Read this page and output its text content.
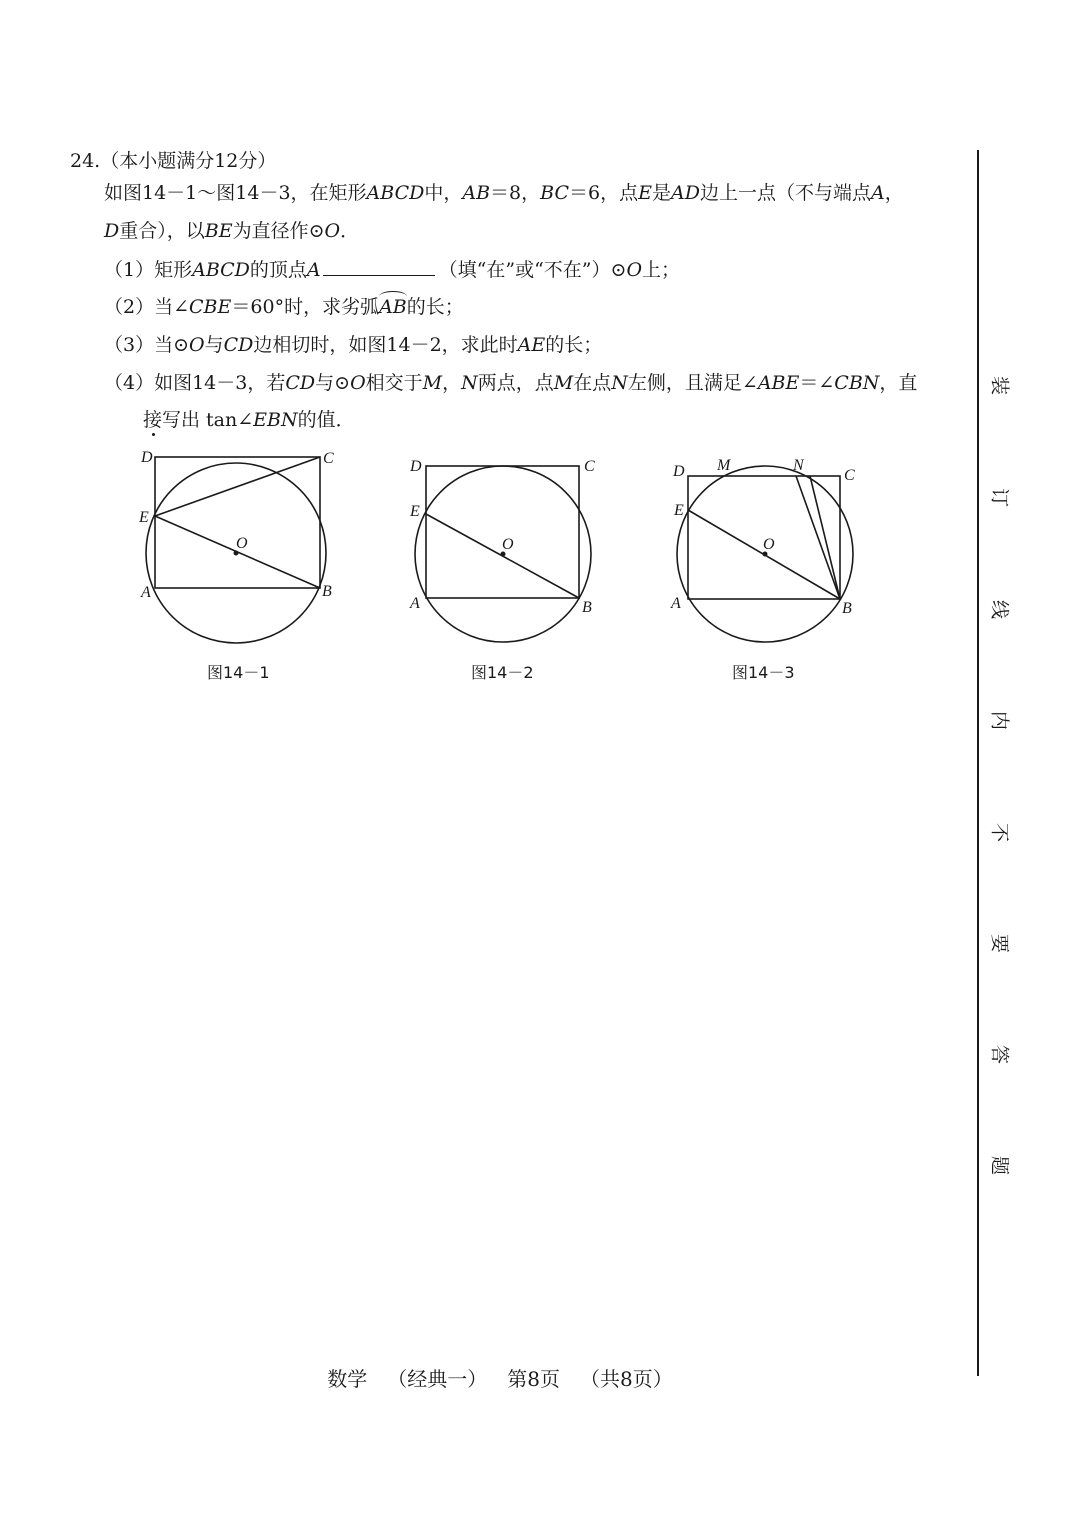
24.（本小题满分12分）
如图14－1～图14－3，在矩形ABCD中，AB＝8，BC＝6，点E是AD边上一点（不与端点A，
D重合），以BE为直径作⊙O．
（1）矩形ABCD的顶点A	（填“在”或“不在”）⊙O上；
（2）当∠CBE＝60°时，求劣弧AB的长；
（3）当⊙O与CD边相切时，如图14－2，求此时AE的长；
（4）如图14－3，若CD与⊙O相交于M，N两点，点M在点N左侧，且满足∠ABE＝∠CBN，直
接写出 tan∠EBN的值．
D	C
E
O
A	B
图14－1
D	C
E
O
A	B
图14－2
D M	N
C
E
O
A	B
图14－3
装
订
线
内
不
要
答
题
数学 （经典一） 第8页 （共8页）
